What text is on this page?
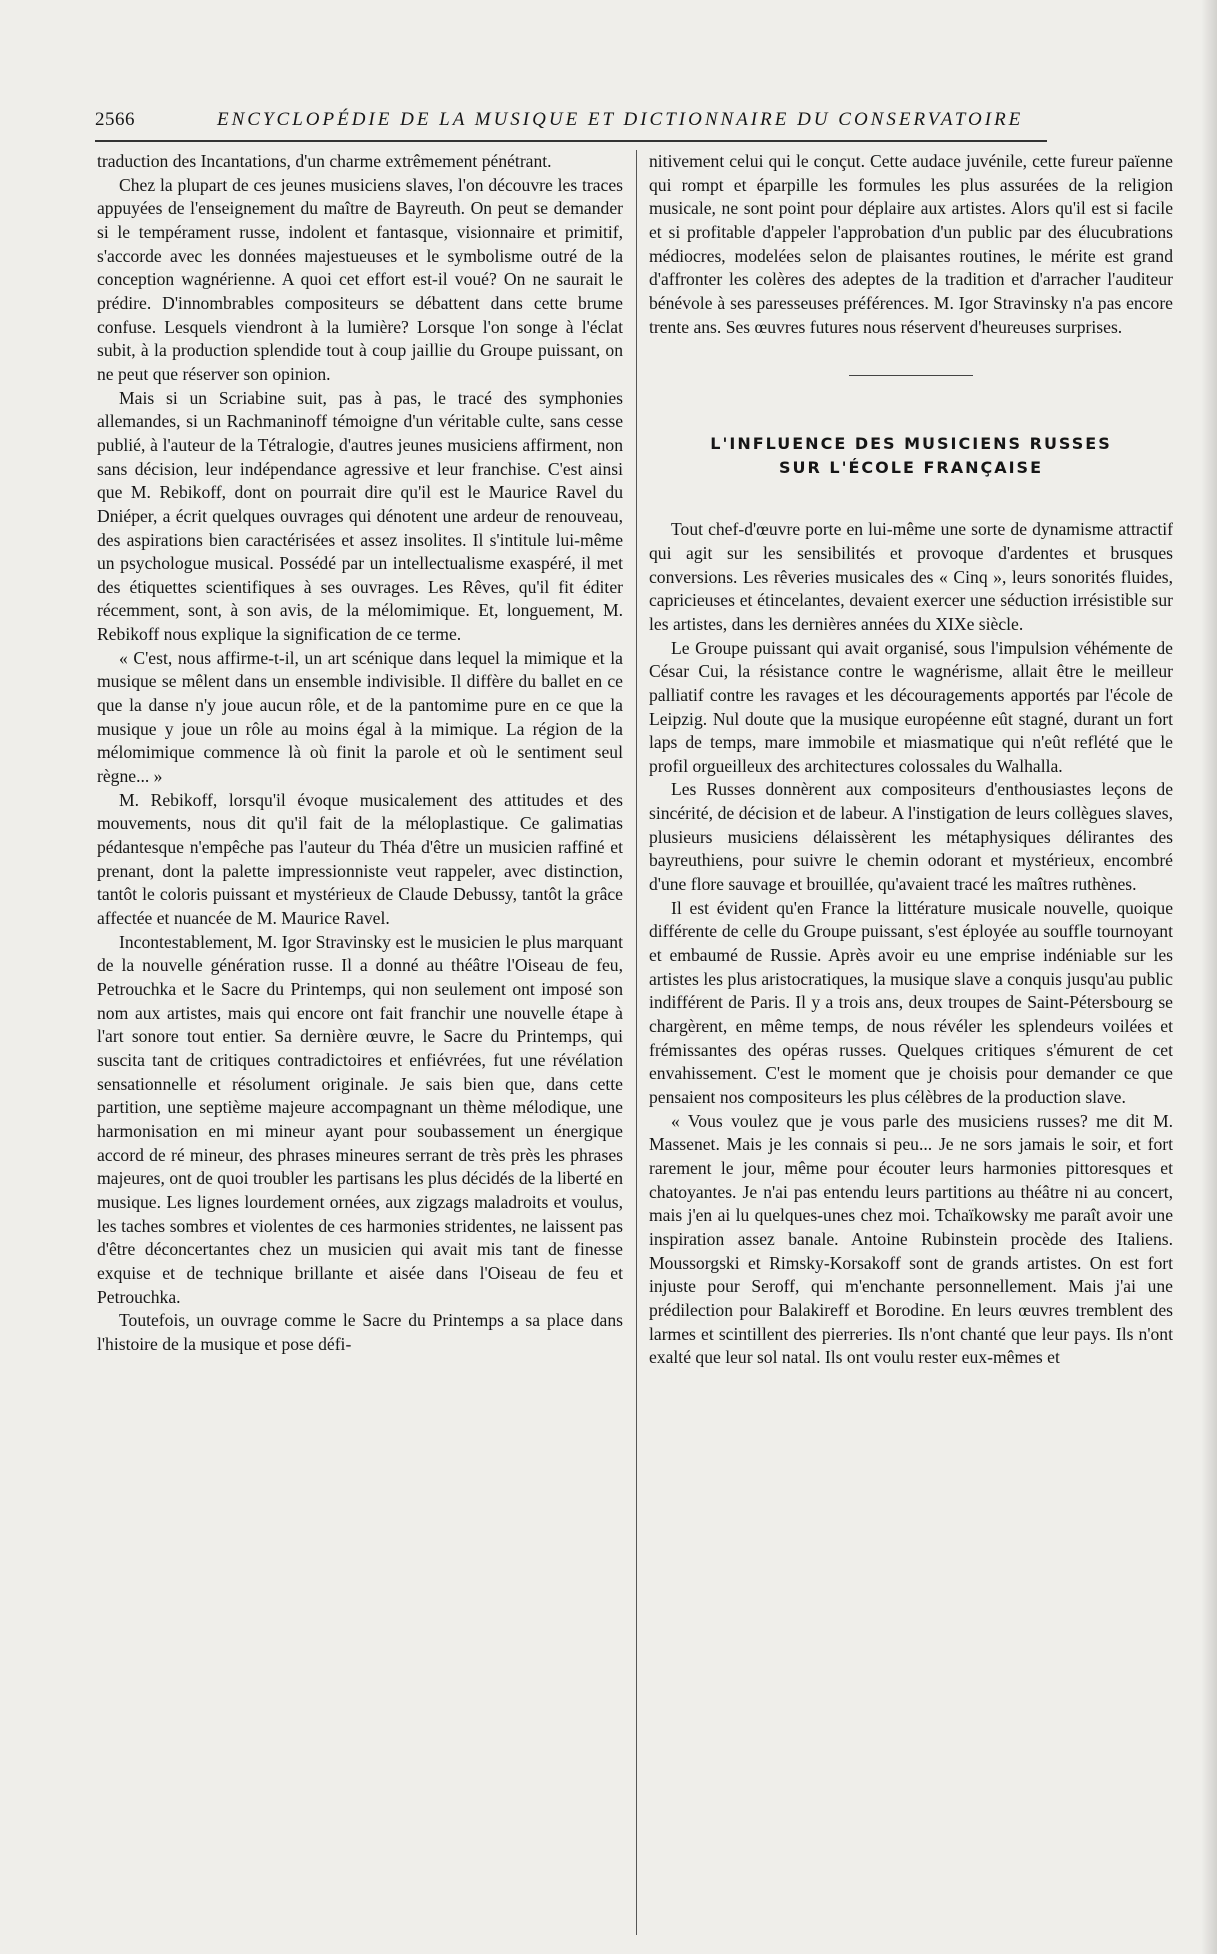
2566	ENCYCLOPÉDIE DE LA MUSIQUE ET DICTIONNAIRE DU CONSERVATOIRE

traduction des Incantations, d'un charme extrêmement pénétrant.

Chez la plupart de ces jeunes musiciens slaves, l'on découvre les traces appuyées de l'enseignement du maître de Bayreuth. On peut se demander si le tempérament russe, indolent et fantasque, visionnaire et primitif, s'accorde avec les données majestueuses et le symbolisme outré de la conception wagnérienne. A quoi cet effort est-il voué? On ne saurait le prédire. D'innombrables compositeurs se débattent dans cette brume confuse. Lesquels viendront à la lumière? Lorsque l'on songe à l'éclat subit, à la production splendide tout à coup jaillie du Groupe puissant, on ne peut que réserver son opinion.

Mais si un Scriabine suit, pas à pas, le tracé des symphonies allemandes, si un Rachmaninoff témoigne d'un véritable culte, sans cesse publié, à l'auteur de la Tétralogie, d'autres jeunes musiciens affirment, non sans décision, leur indépendance agressive et leur franchise. C'est ainsi que M. Rebikoff, dont on pourrait dire qu'il est le Maurice Ravel du Dniéper, a écrit quelques ouvrages qui dénotent une ardeur de renouveau, des aspirations bien caractérisées et assez insolites. Il s'intitule lui-même un psychologue musical. Possédé par un intellectualisme exaspéré, il met des étiquettes scientifiques à ses ouvrages. Les Rêves, qu'il fit éditer récemment, sont, à son avis, de la mélomimique. Et, longuement, M. Rebikoff nous explique la signification de ce terme.

« C'est, nous affirme-t-il, un art scénique dans lequel la mimique et la musique se mêlent dans un ensemble indivisible. Il diffère du ballet en ce que la danse n'y joue aucun rôle, et de la pantomime pure en ce que la musique y joue un rôle au moins égal à la mimique. La région de la mélomimique commence là où finit la parole et où le sentiment seul règne... »

M. Rebikoff, lorsqu'il évoque musicalement des attitudes et des mouvements, nous dit qu'il fait de la méloplastique. Ce galimatias pédantesque n'empêche pas l'auteur du Théa d'être un musicien raffiné et prenant, dont la palette impressionniste veut rappeler, avec distinction, tantôt le coloris puissant et mystérieux de Claude Debussy, tantôt la grâce affectée et nuancée de M. Maurice Ravel.

Incontestablement, M. Igor Stravinsky est le musicien le plus marquant de la nouvelle génération russe. Il a donné au théâtre l'Oiseau de feu, Petrouchka et le Sacre du Printemps, qui non seulement ont imposé son nom aux artistes, mais qui encore ont fait franchir une nouvelle étape à l'art sonore tout entier. Sa dernière œuvre, le Sacre du Printemps, qui suscita tant de critiques contradictoires et enfiévrées, fut une révélation sensationnelle et résolument originale. Je sais bien que, dans cette partition, une septième majeure accompagnant un thème mélodique, une harmonisation en mi mineur ayant pour soubassement un énergique accord de ré mineur, des phrases mineures serrant de très près les phrases majeures, ont de quoi troubler les partisans les plus décidés de la liberté en musique. Les lignes lourdement ornées, aux zigzags maladroits et voulus, les taches sombres et violentes de ces harmonies stridentes, ne laissent pas d'être déconcertantes chez un musicien qui avait mis tant de finesse exquise et de technique brillante et aisée dans l'Oiseau de feu et Petrouchka.

Toutefois, un ouvrage comme le Sacre du Printemps a sa place dans l'histoire de la musique et pose défi-

nitivement celui qui le conçut. Cette audace juvénile, cette fureur païenne qui rompt et éparpille les formules les plus assurées de la religion musicale, ne sont point pour déplaire aux artistes. Alors qu'il est si facile et si profitable d'appeler l'approbation d'un public par des élucubrations médiocres, modelées selon de plaisantes routines, le mérite est grand d'affronter les colères des adeptes de la tradition et d'arracher l'auditeur bénévole à ses paresseuses préférences. M. Igor Stravinsky n'a pas encore trente ans. Ses œuvres futures nous réservent d'heureuses surprises.

L'INFLUENCE DES MUSICIENS RUSSES
SUR L'ÉCOLE FRANÇAISE

Tout chef-d'œuvre porte en lui-même une sorte de dynamisme attractif qui agit sur les sensibilités et provoque d'ardentes et brusques conversions. Les rêveries musicales des « Cinq », leurs sonorités fluides, capricieuses et étincelantes, devaient exercer une séduction irrésistible sur les artistes, dans les dernières années du XIXe siècle.

Le Groupe puissant qui avait organisé, sous l'impulsion véhémente de César Cui, la résistance contre le wagnérisme, allait être le meilleur palliatif contre les ravages et les découragements apportés par l'école de Leipzig. Nul doute que la musique européenne eût stagné, durant un fort laps de temps, mare immobile et miasmatique qui n'eût reflété que le profil orgueilleux des architectures colossales du Walhalla.

Les Russes donnèrent aux compositeurs d'enthousiastes leçons de sincérité, de décision et de labeur. A l'instigation de leurs collègues slaves, plusieurs musiciens délaissèrent les métaphysiques délirantes des bayreuthiens, pour suivre le chemin odorant et mystérieux, encombré d'une flore sauvage et brouillée, qu'avaient tracé les maîtres ruthènes.

Il est évident qu'en France la littérature musicale nouvelle, quoique différente de celle du Groupe puissant, s'est éployée au souffle tournoyant et embaumé de Russie. Après avoir eu une emprise indéniable sur les artistes les plus aristocratiques, la musique slave a conquis jusqu'au public indifférent de Paris. Il y a trois ans, deux troupes de Saint-Pétersbourg se chargèrent, en même temps, de nous révéler les splendeurs voilées et frémissantes des opéras russes. Quelques critiques s'émurent de cet envahissement. C'est le moment que je choisis pour demander ce que pensaient nos compositeurs les plus célèbres de la production slave.

« Vous voulez que je vous parle des musiciens russes? me dit M. Massenet. Mais je les connais si peu... Je ne sors jamais le soir, et fort rarement le jour, même pour écouter leurs harmonies pittoresques et chatoyantes. Je n'ai pas entendu leurs partitions au théâtre ni au concert, mais j'en ai lu quelques-unes chez moi. Tchaïkowsky me paraît avoir une inspiration assez banale. Antoine Rubinstein procède des Italiens. Moussorgski et Rimsky-Korsakoff sont de grands artistes. On est fort injuste pour Seroff, qui m'enchante personnellement. Mais j'ai une prédilection pour Balakireff et Borodine. En leurs œuvres tremblent des larmes et scintillent des pierreries. Ils n'ont chanté que leur pays. Ils n'ont exalté que leur sol natal. Ils ont voulu rester eux-mêmes et
